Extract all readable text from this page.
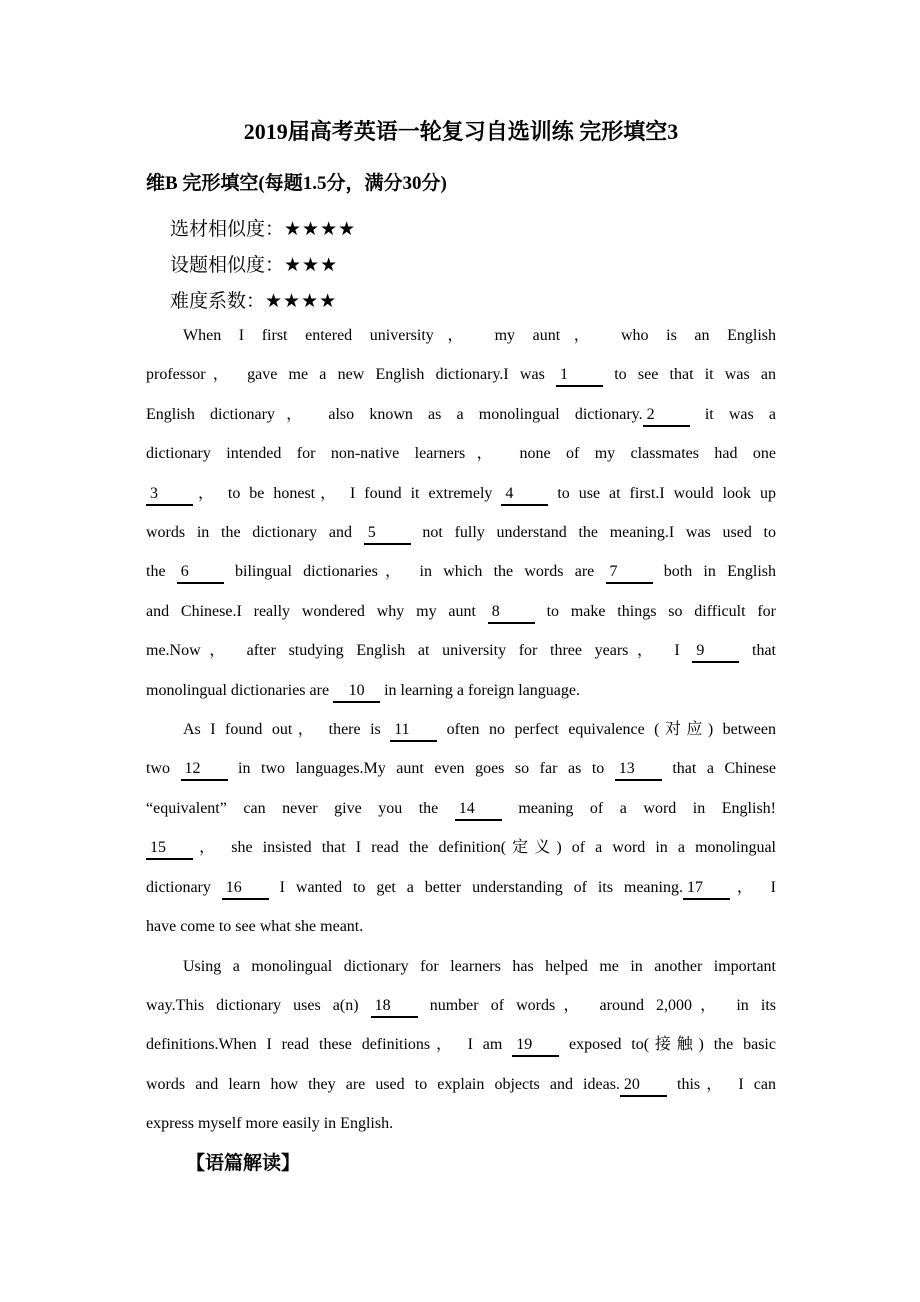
2019届高考英语一轮复习自选训练 完形填空3
维B 完形填空(每题1.5分，满分30分)
选材相似度：★★★★
设题相似度：★★★
难度系数：★★★★
When I first entered university， my aunt， who is an English
professor， gave me a new English dictionary.I was 1 to see that it was an
English dictionary， also known as a monolingual dictionary. 2 it was a
dictionary intended for non-native learners， none of my classmates had one
3 ， to be honest， I found it extremely 4 to use at first.I would look up
words in the dictionary and 5 not fully understand the meaning.I was used to
the 6 bilingual dictionaries， in which the words are 7 both in English
and Chinese.I really wondered why my aunt 8 to make things so difficult for
me.Now， after studying English at university for three years， I 9 that
monolingual dictionaries are 10 in learning a foreign language.
As I found out， there is 11 often no perfect equivalence (对应) between
two 12 in two languages.My aunt even goes so far as to 13 that a Chinese
“equivalent” can never give you the 14 meaning of a word in English!
15 ， she insisted that I read the definition(定义) of a word in a monolingual
dictionary 16 I wanted to get a better understanding of its meaning. 17 ， I
have come to see what she meant.
Using a monolingual dictionary for learners has helped me in another important
way.This dictionary uses a(n) 18 number of words， around 2,000， in its
definitions.When I read these definitions， I am 19 exposed to(接触) the basic
words and learn how they are used to explain objects and ideas. 20 this， I can
express myself more easily in English.
【语篇解读】
